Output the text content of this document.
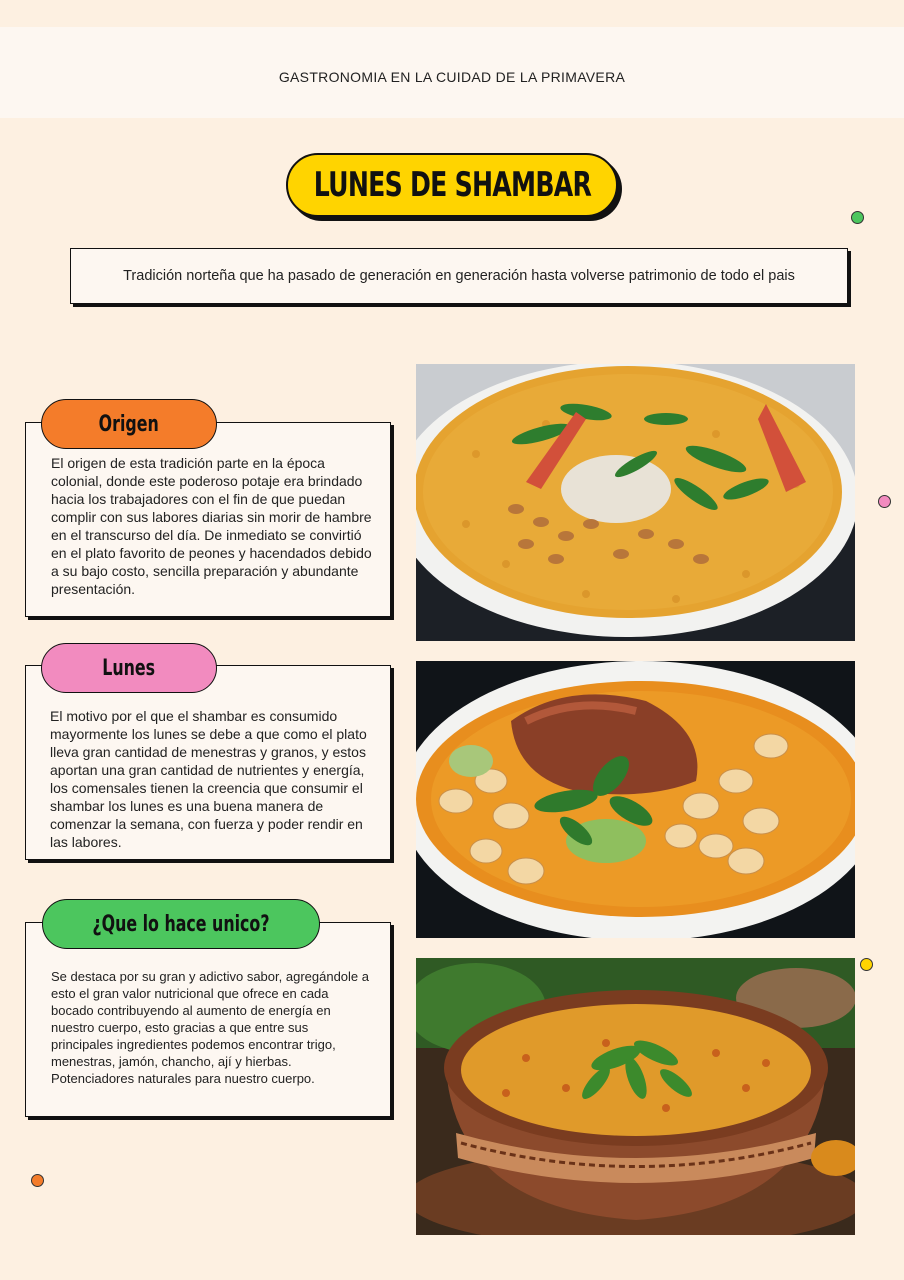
GASTRONOMIA EN LA CUIDAD DE LA PRIMAVERA
LUNES DE SHAMBAR
Tradición norteña que ha pasado de generación en generación hasta volverse patrimonio de todo el pais

El origen de esta tradición parte en la época colonial, donde este poderoso potaje era brindado hacia los trabajadores con el fin de que puedan complir con sus labores diarias sin morir de hambre en el transcurso del día. De inmediato se convirtió en el plato favorito de peones y hacendados debido a su bajo costo, sencilla preparación y abundante presentación.

Origen

El motivo por el que el shambar es consumido mayormente los lunes se debe a que como el plato lleva gran cantidad de menestras y granos, y estos aportan una gran cantidad de nutrientes y energía, los comensales tienen la creencia que consumir el shambar los lunes es una buena manera de comenzar la semana, con fuerza y poder rendir en las labores.

Lunes

Se destaca por su gran y adictivo sabor, agregándole a esto el gran valor nutricional que ofrece en cada bocado contribuyendo al aumento de energía en nuestro cuerpo, esto gracias a que entre sus principales ingredientes podemos encontrar trigo, menestras, jamón, chancho, ají y hierbas. Potenciadores naturales para nuestro cuerpo.

¿Que lo hace unico?
